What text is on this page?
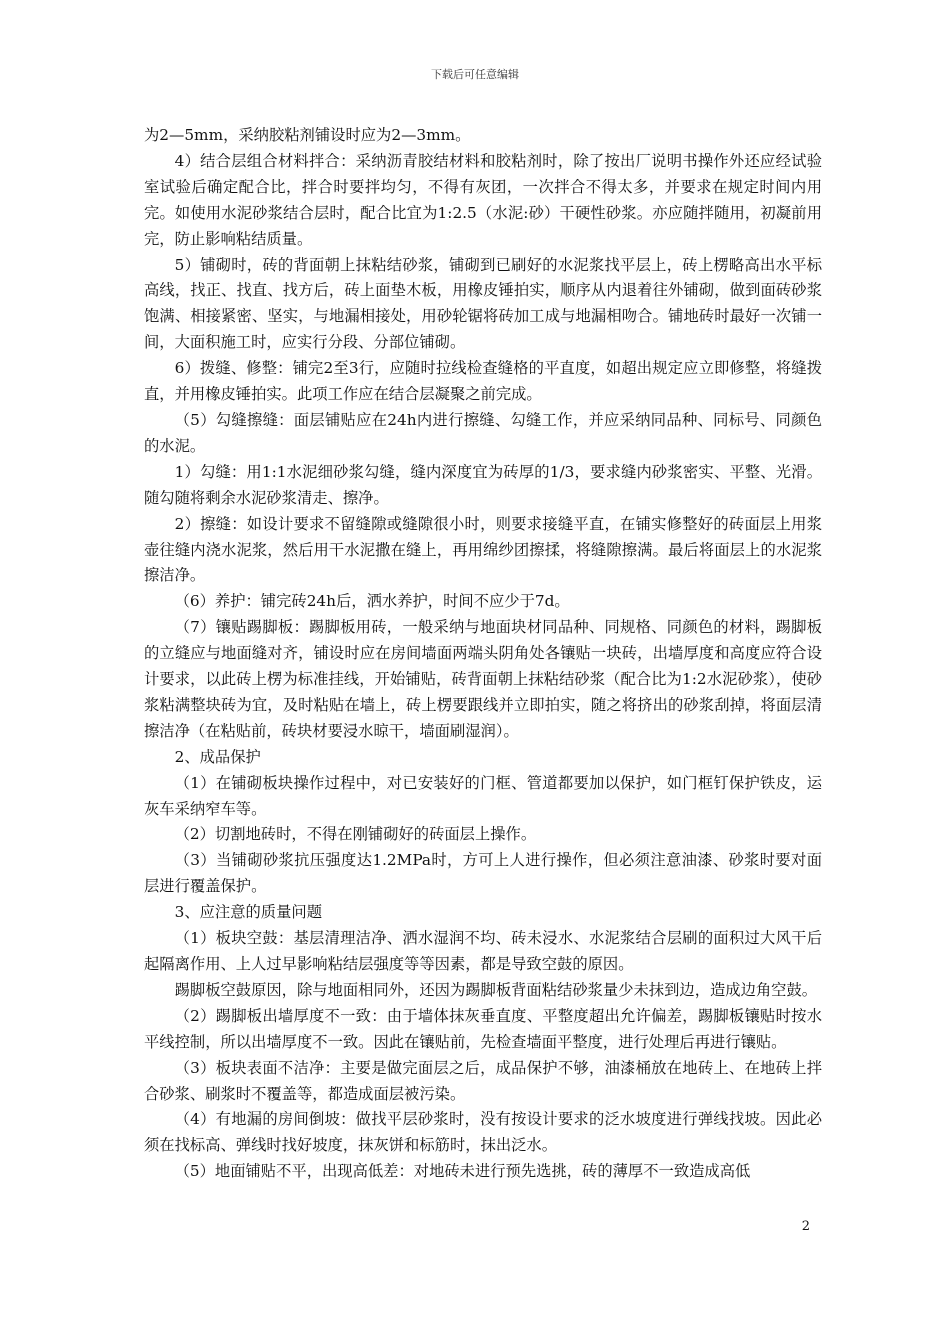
下载后可任意编辑

为2—5mm，采纳胶粘剂铺设时应为2—3mm。

4）结合层组合材料拌合：采纳沥青胶结材料和胶粘剂时，除了按出厂说明书操作外还应经试验室试验后确定配合比，拌合时要拌均匀，不得有灰团，一次拌合不得太多，并要求在规定时间内用完。如使用水泥砂浆结合层时，配合比宜为1:2.5（水泥:砂）干硬性砂浆。亦应随拌随用，初凝前用完，防止影响粘结质量。

5）铺砌时，砖的背面朝上抹粘结砂浆，铺砌到已刷好的水泥浆找平层上，砖上楞略高出水平标高线，找正、找直、找方后，砖上面垫木板，用橡皮锤拍实，顺序从内退着往外铺砌，做到面砖砂浆饱满、相接紧密、坚实，与地漏相接处，用砂轮锯将砖加工成与地漏相吻合。铺地砖时最好一次铺一间，大面积施工时，应实行分段、分部位铺砌。

6）拨缝、修整：铺完2至3行，应随时拉线检查缝格的平直度，如超出规定应立即修整，将缝拨直，并用橡皮锤拍实。此项工作应在结合层凝聚之前完成。

（5）勾缝擦缝：面层铺贴应在24h内进行擦缝、勾缝工作，并应采纳同品种、同标号、同颜色的水泥。

1）勾缝：用1:1水泥细砂浆勾缝，缝内深度宜为砖厚的1/3，要求缝内砂浆密实、平整、光滑。随勾随将剩余水泥砂浆清走、擦净。

2）擦缝：如设计要求不留缝隙或缝隙很小时，则要求接缝平直，在铺实修整好的砖面层上用浆壶往缝内浇水泥浆，然后用干水泥撒在缝上，再用绵纱团擦揉，将缝隙擦满。最后将面层上的水泥浆擦洁净。

（6）养护：铺完砖24h后，洒水养护，时间不应少于7d。

（7）镶贴踢脚板：踢脚板用砖，一般采纳与地面块材同品种、同规格、同颜色的材料，踢脚板的立缝应与地面缝对齐，铺设时应在房间墙面两端头阴角处各镶贴一块砖，出墙厚度和高度应符合设计要求，以此砖上楞为标准挂线，开始铺贴，砖背面朝上抹粘结砂浆（配合比为1:2水泥砂浆），使砂浆粘满整块砖为宜，及时粘贴在墙上，砖上楞要跟线并立即拍实，随之将挤出的砂浆刮掉，将面层清擦洁净（在粘贴前，砖块材要浸水晾干，墙面刷湿润）。

2、成品保护

（1）在铺砌板块操作过程中，对已安装好的门框、管道都要加以保护，如门框钉保护铁皮，运灰车采纳窄车等。

（2）切割地砖时，不得在刚铺砌好的砖面层上操作。

（3）当铺砌砂浆抗压强度达1.2MPa时，方可上人进行操作，但必须注意油漆、砂浆时要对面层进行覆盖保护。

3、应注意的质量问题

（1）板块空鼓：基层清理洁净、洒水湿润不均、砖未浸水、水泥浆结合层刷的面积过大风干后起隔离作用、上人过早影响粘结层强度等等因素，都是导致空鼓的原因。

踢脚板空鼓原因，除与地面相同外，还因为踢脚板背面粘结砂浆量少未抹到边，造成边角空鼓。

（2）踢脚板出墙厚度不一致：由于墙体抹灰垂直度、平整度超出允许偏差，踢脚板镶贴时按水平线控制，所以出墙厚度不一致。因此在镶贴前，先检查墙面平整度，进行处理后再进行镶贴。

（3）板块表面不洁净：主要是做完面层之后，成品保护不够，油漆桶放在地砖上、在地砖上拌合砂浆、刷浆时不覆盖等，都造成面层被污染。

（4）有地漏的房间倒坡：做找平层砂浆时，没有按设计要求的泛水坡度进行弹线找坡。因此必须在找标高、弹线时找好坡度，抹灰饼和标筋时，抹出泛水。

（5）地面铺贴不平，出现高低差：对地砖未进行预先选挑，砖的薄厚不一致造成高低

2
